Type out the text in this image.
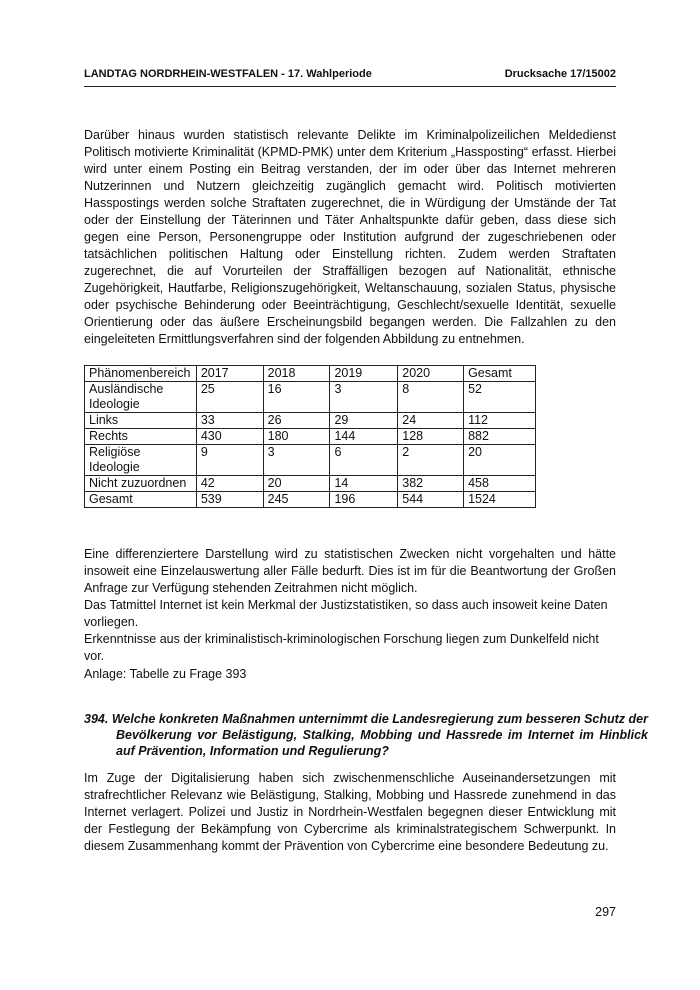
LANDTAG NORDRHEIN-WESTFALEN - 17. Wahlperiode	Drucksache 17/15002

Darüber hinaus wurden statistisch relevante Delikte im Kriminalpolizeilichen Meldedienst Politisch motivierte Kriminalität (KPMD-PMK) unter dem Kriterium „Hassposting“ erfasst. Hierbei wird unter einem Posting ein Beitrag verstanden, der im oder über das Internet mehreren Nutzerinnen und Nutzern gleichzeitig zugänglich gemacht wird. Politisch motivierten Hasspostings werden solche Straftaten zugerechnet, die in Würdigung der Umstände der Tat oder der Einstellung der Täterinnen und Täter Anhaltspunkte dafür geben, dass diese sich gegen eine Person, Personengruppe oder Institution aufgrund der zugeschriebenen oder tatsächlichen politischen Haltung oder Einstellung richten. Zudem werden Straftaten zugerechnet, die auf Vorurteilen der Straffälligen bezogen auf Nationalität, ethnische Zugehörigkeit, Hautfarbe, Religionszugehörigkeit, Weltanschauung, sozialen Status, physische oder psychische Behinderung oder Beeinträchtigung, Geschlecht/sexuelle Identität, sexuelle Orientierung oder das äußere Erscheinungsbild begangen werden. Die Fallzahlen zu den eingeleiteten Ermittlungsverfahren sind der folgenden Abbildung zu entnehmen.

Phänomenbereich	2017	2018	2019	2020	Gesamt
Ausländische Ideologie	25	16	3	8	52
Links	33	26	29	24	112
Rechts	430	180	144	128	882
Religiöse Ideologie	9	3	6	2	20
Nicht zuzuordnen	42	20	14	382	458
Gesamt	539	245	196	544	1524

Eine differenziertere Darstellung wird zu statistischen Zwecken nicht vorgehalten und hätte insoweit eine Einzelauswertung aller Fälle bedurft. Dies ist im für die Beantwortung der Großen Anfrage zur Verfügung stehenden Zeitrahmen nicht möglich.

Das Tatmittel Internet ist kein Merkmal der Justizstatistiken, so dass auch insoweit keine Daten vorliegen.

Erkenntnisse aus der kriminalistisch-kriminologischen Forschung liegen zum Dunkelfeld nicht vor.

Anlage: Tabelle zu Frage 393

394. Welche konkreten Maßnahmen unternimmt die Landesregierung zum besseren Schutz der Bevölkerung vor Belästigung, Stalking, Mobbing und Hassrede im Internet im Hinblick auf Prävention, Information und Regulierung?

Im Zuge der Digitalisierung haben sich zwischenmenschliche Auseinandersetzungen mit strafrechtlicher Relevanz wie Belästigung, Stalking, Mobbing und Hassrede zunehmend in das Internet verlagert. Polizei und Justiz in Nordrhein-Westfalen begegnen dieser Entwicklung mit der Festlegung der Bekämpfung von Cybercrime als kriminalstrategischem Schwerpunkt. In diesem Zusammenhang kommt der Prävention von Cybercrime eine besondere Bedeutung zu.

297
